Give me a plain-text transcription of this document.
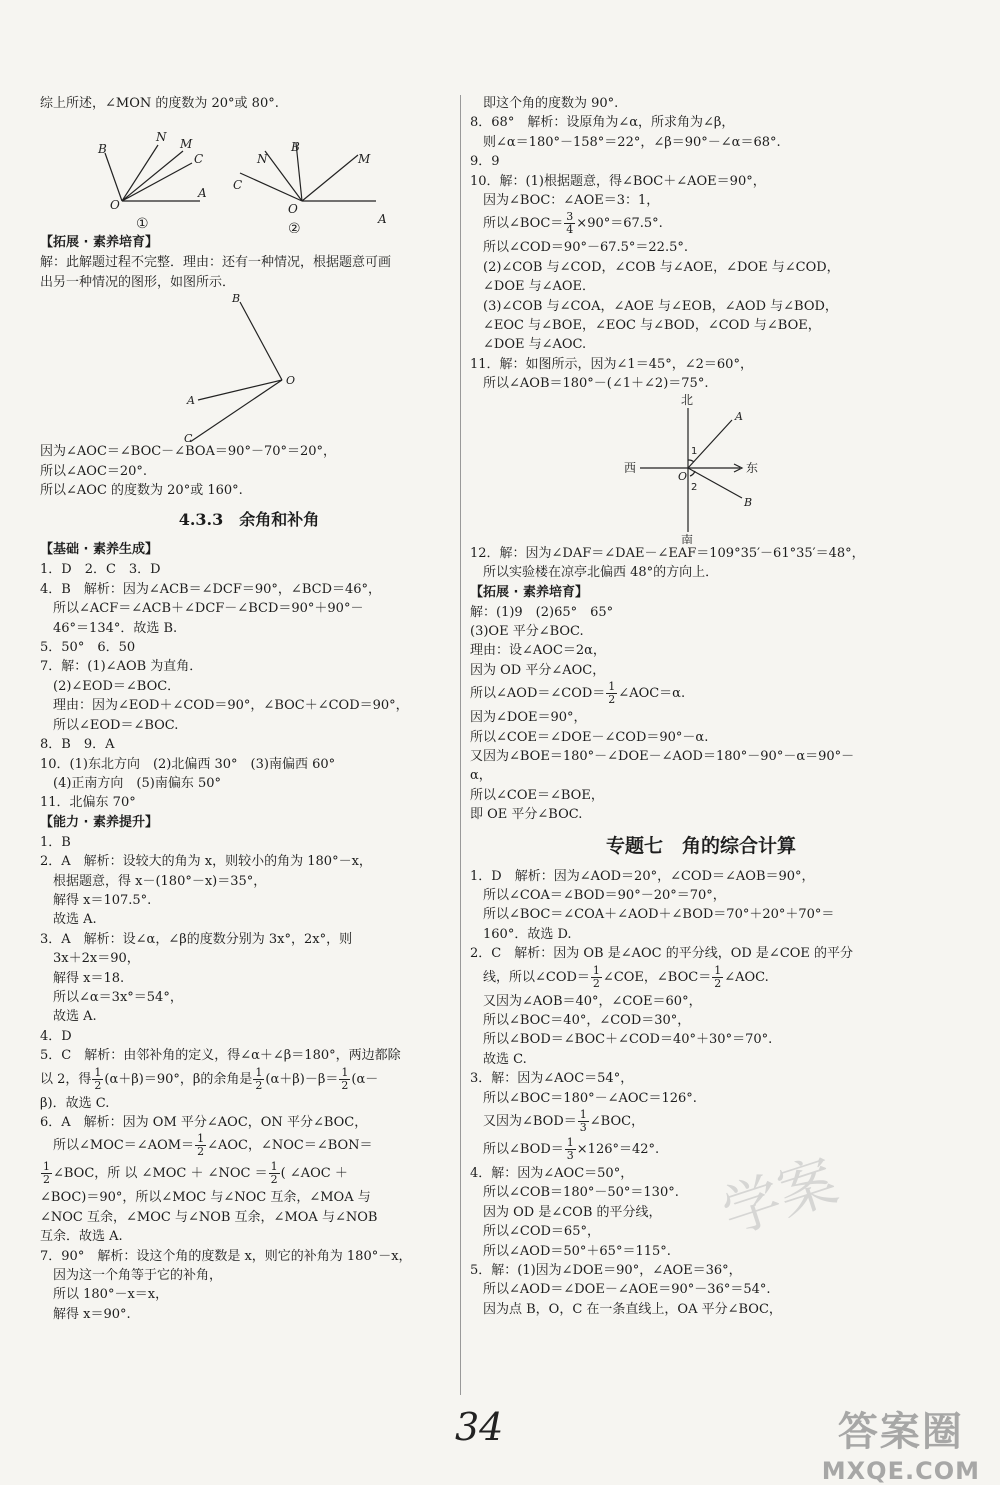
综上所述，∠MON 的度数为 20°或 80°.
B
N M
C
O
A
B
N	M
C
O
A
①	②
【拓展 · 素养培育】
解：此解题过程不完整．理由：还有一种情况，根据题意可画
出另一种情况的图形，如图所示．
B
O
A
C
因为∠AOC＝∠BOC－∠BOA＝90°－70°＝20°，
所以∠AOC＝20°.
所以∠AOC 的度数为 20°或 160°.
4.3.3　余角和补角
【基础 · 素养生成】
1．D　2．C　3．D
4．B　解析：因为∠ACB＝∠DCF＝90°，∠BCD＝46°，
　所以∠ACF＝∠ACB＋∠DCF－∠BCD＝90°＋90°－
　46°＝134°．故选 B.
5．50°　6．50
7．解：(1)∠AOB 为直角．
　(2)∠EOD＝∠BOC．
　理由：因为∠EOD＋∠COD＝90°，∠BOC＋∠COD＝90°，
　所以∠EOD＝∠BOC.
8．B　9．A
10．(1)东北方向　(2)北偏西 30°　(3)南偏西 60°
　(4)正南方向　(5)南偏东 50°
11．北偏东 70°
【能力 · 素养提升】
1．B
2．A　解析：设较大的角为 x，则较小的角为 180°－x，
　根据题意，得 x－(180°－x)＝35°，
　解得 x＝107.5°.
　故选 A.
3．A　解析：设∠α，∠β的度数分别为 3x°，2x°，则
　3x＋2x＝90，
　解得 x＝18.
　所以∠α＝3x°＝54°，
　故选 A.
4．D
5．C　解析：由邻补角的定义，得∠α＋∠β＝180°，两边都除
以 2，得 $\frac{1}{2} (\alpha+\beta)=90^\circ$，β的余角是 $\frac{1}{2} (\alpha+\beta)-\beta= \frac{1}{2} (\alpha-$
β)．故选 C.
6．A　解析：因为 OM 平分∠AOC，ON 平分∠BOC，
　所以∠MOC＝∠AOM＝ $\frac{1}{2}$ ∠AOC，∠NOC＝∠BON＝
$\frac{1}{2}$ ∠BOC，所 以 ∠MOC ＋ ∠NOC ＝ $\frac{1}{2}$ ( ∠AOC ＋
∠BOC)＝90°，所以∠MOC 与∠NOC 互余，∠MOA 与
∠NOC 互余，∠MOC 与∠NOB 互余，∠MOA 与∠NOB
互余．故选 A.
7．90°　解析：设这个角的度数是 x，则它的补角为 180°－x，
　因为这一个角等于它的补角，
　所以 180°－x＝x，
　解得 x＝90°.
　即这个角的度数为 90°.
8．68°　解析：设原角为∠α，所求角为∠β，
　则∠α＝180°－158°＝22°，∠β＝90°－∠α＝68°.
9．9
10．解：(1)根据题意，得∠BOC＋∠AOE＝90°，
　因为∠BOC：∠AOE＝3：1，
　所以∠BOC＝ $\frac{3}{4} \times 90^\circ=67.5^\circ$.
　所以∠COD＝90°－67.5°＝22.5°.
　(2)∠COB 与∠COD，∠COB 与∠AOE，∠DOE 与∠COD，
　∠DOE 与∠AOE．
　(3)∠COB 与∠COA，∠AOE 与∠EOB，∠AOD 与∠BOD，
　∠EOC 与∠BOE，∠EOC 与∠BOD，∠COD 与∠BOE，
　∠DOE 与∠AOC.
11．解：如图所示，因为∠1＝45°，∠2＝60°，
　所以∠AOB＝180°－(∠1＋∠2)＝75°.
北
南
西	东
A
B
O
1
2
12．解：因为∠DAF＝∠DAE－∠EAF＝109°35′－61°35′＝48°，
　所以实验楼在凉亭北偏西 48°的方向上．
【拓展 · 素养培育】
解：(1)9　(2)65°　65°
(3)OE 平分∠BOC.
理由：设∠AOC＝2α，
因为 OD 平分∠AOC，
所以∠AOD＝∠COD＝ $\frac{1}{2}$ ∠AOC＝α.
因为∠DOE＝90°，
所以∠COE＝∠DOE－∠COD＝90°－α.
又因为∠BOE＝180°－∠DOE－∠AOD＝180°－90°－α＝90°－
α，
所以∠COE＝∠BOE，
即 OE 平分∠BOC.
专题七　角的综合计算
1．D　解析：因为∠AOD＝20°，∠COD＝∠AOB＝90°，
　所以∠COA＝∠BOD＝90°－20°＝70°，
　所以∠BOC＝∠COA＋∠AOD＋∠BOD＝70°＋20°＋70°＝
　160°．故选 D.
2．C　解析：因为 OB 是∠AOC 的平分线，OD 是∠COE 的平分
　线，所以∠COD＝ $\frac{1}{2}$ ∠COE，∠BOC＝ $\frac{1}{2}$ ∠AOC.
　又因为∠AOB＝40°，∠COE＝60°，
　所以∠BOC＝40°，∠COD＝30°，
　所以∠BOD＝∠BOC＋∠COD＝40°＋30°＝70°.
　故选 C.
3．解：因为∠AOC＝54°，
　所以∠BOC＝180°－∠AOC＝126°.
　又因为∠BOD＝ $\frac{1}{3}$ ∠BOC，
　所以∠BOD＝ $\frac{1}{3} \times 126^\circ=42^\circ$.
4．解：因为∠AOC＝50°，
　所以∠COB＝180°－50°＝130°.
　因为 OD 是∠COB 的平分线，
　所以∠COD＝65°，
　所以∠AOD＝50°＋65°＝115°.
5．解：(1)因为∠DOE＝90°，∠AOE＝36°，
　所以∠AOD＝∠DOE－∠AOE＝90°－36°＝54°.
　因为点 B，O，C 在一条直线上，OA 平分∠BOC，
学案
34	答案圈
MXQE.COM
